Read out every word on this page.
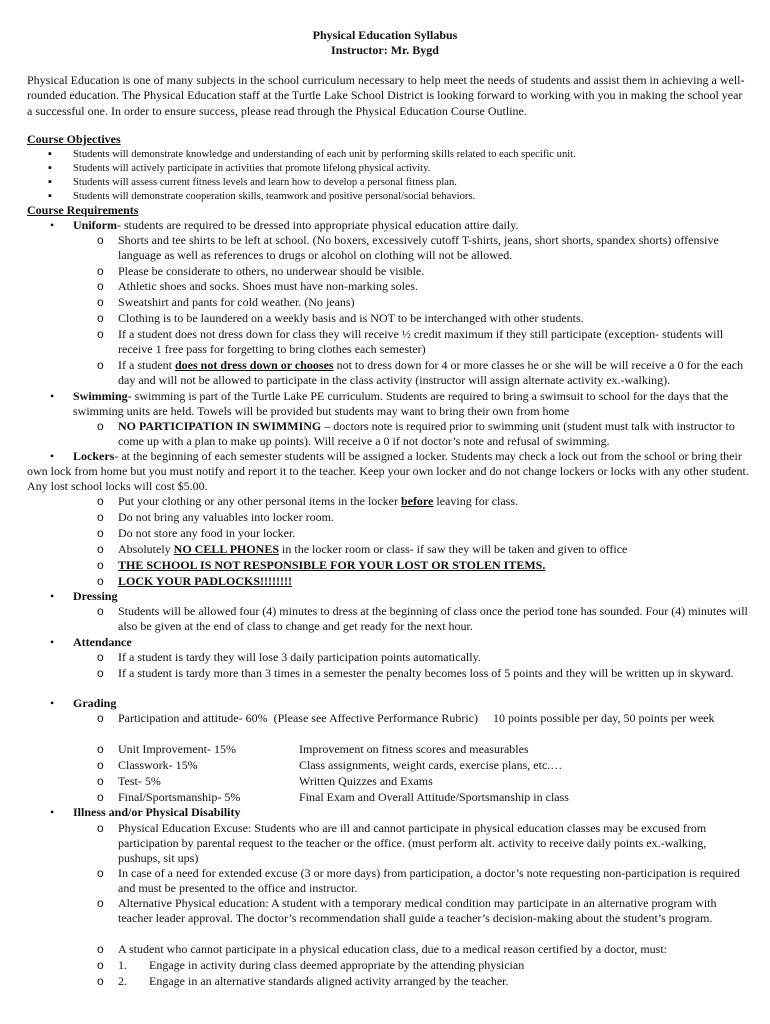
Physical Education Syllabus
Instructor: Mr. Bygd
Physical Education is one of many subjects in the school curriculum necessary to help meet the needs of students and assist them in achieving a well-rounded education. The Physical Education staff at the Turtle Lake School District is looking forward to working with you in making the school year a successful one. In order to ensure success, please read through the Physical Education Course Outline.
Course Objectives
▪ Students will demonstrate knowledge and understanding of each unit by performing skills related to each specific unit.
▪ Students will actively participate in activities that promote lifelong physical activity.
▪ Students will assess current fitness levels and learn how to develop a personal fitness plan.
▪ Students will demonstrate cooperation skills, teamwork and positive personal/social behaviors.
Course Requirements
• Uniform- students are required to be dressed into appropriate physical education attire daily.
o Shorts and tee shirts to be left at school. (No boxers, excessively cutoff T-shirts, jeans, short shorts, spandex shorts) offensive language as well as references to drugs or alcohol on clothing will not be allowed.
o Please be considerate to others, no underwear should be visible.
o Athletic shoes and socks. Shoes must have non-marking soles.
o Sweatshirt and pants for cold weather. (No jeans)
o Clothing is to be laundered on a weekly basis and is NOT to be interchanged with other students.
o If a student does not dress down for class they will receive ½ credit maximum if they still participate (exception- students will receive 1 free pass for forgetting to bring clothes each semester)
o If a student does not dress down or chooses not to dress down for 4 or more classes he or she will be will receive a 0 for the each day and will not be allowed to participate in the class activity (instructor will assign alternate activity ex.-walking).
• Swimming- swimming is part of the Turtle Lake PE curriculum. Students are required to bring a swimsuit to school for the days that the swimming units are held. Towels will be provided but students may want to bring their own from home
o NO PARTICIPATION IN SWIMMING – doctors note is required prior to swimming unit (student must talk with instructor to come up with a plan to make up points). Will receive a 0 if not doctor’s note and refusal of swimming.
•	Lockers- at the beginning of each semester students will be assigned a locker. Students may check a lock out from the school or bring their own lock from home but you must notify and report it to the teacher. Keep your own locker and do not change lockers or locks with any other student. Any lost school locks will cost $5.00.
o Put your clothing or any other personal items in the locker before leaving for class.
o Do not bring any valuables into locker room.
o Do not store any food in your locker.
o Absolutely NO CELL PHONES in the locker room or class- if saw they will be taken and given to office
o THE SCHOOL IS NOT RESPONSIBLE FOR YOUR LOST OR STOLEN ITEMS.
o LOCK YOUR PADLOCKS!!!!!!!!
• Dressing
o Students will be allowed four (4) minutes to dress at the beginning of class once the period tone has sounded. Four (4) minutes will also be given at the end of class to change and get ready for the next hour.
• Attendance
o If a student is tardy they will lose 3 daily participation points automatically.
o If a student is tardy more than 3 times in a semester the penalty becomes loss of 5 points and they will be written up in skyward.
• Grading
o Participation and attitude- 60%  (Please see Affective Performance Rubric)     10 points possible per day, 50 points per week
o Unit Improvement- 15%	Improvement on fitness scores and measurables
o Classwork- 15%	Class assignments, weight cards, exercise plans, etc.…
o Test- 5%	Written Quizzes and Exams
o Final/Sportsmanship- 5%	Final Exam and Overall Attitude/Sportsmanship in class
• Illness and/or Physical Disability
o Physical Education Excuse: Students who are ill and cannot participate in physical education classes may be excused from participation by parental request to the teacher or the office. (must perform alt. activity to receive daily points ex.-walking, pushups, sit ups)
o In case of a need for extended excuse (3 or more days) from participation, a doctor’s note requesting non-participation is required and must be presented to the office and instructor.
o Alternative Physical education: A student with a temporary medical condition may participate in an alternative program with teacher leader approval. The doctor’s recommendation shall guide a teacher’s decision-making about the student’s program.
o A student who cannot participate in a physical education class, due to a medical reason certified by a doctor, must:
o 1. Engage in activity during class deemed appropriate by the attending physician
o 2. Engage in an alternative standards aligned activity arranged by the teacher.
